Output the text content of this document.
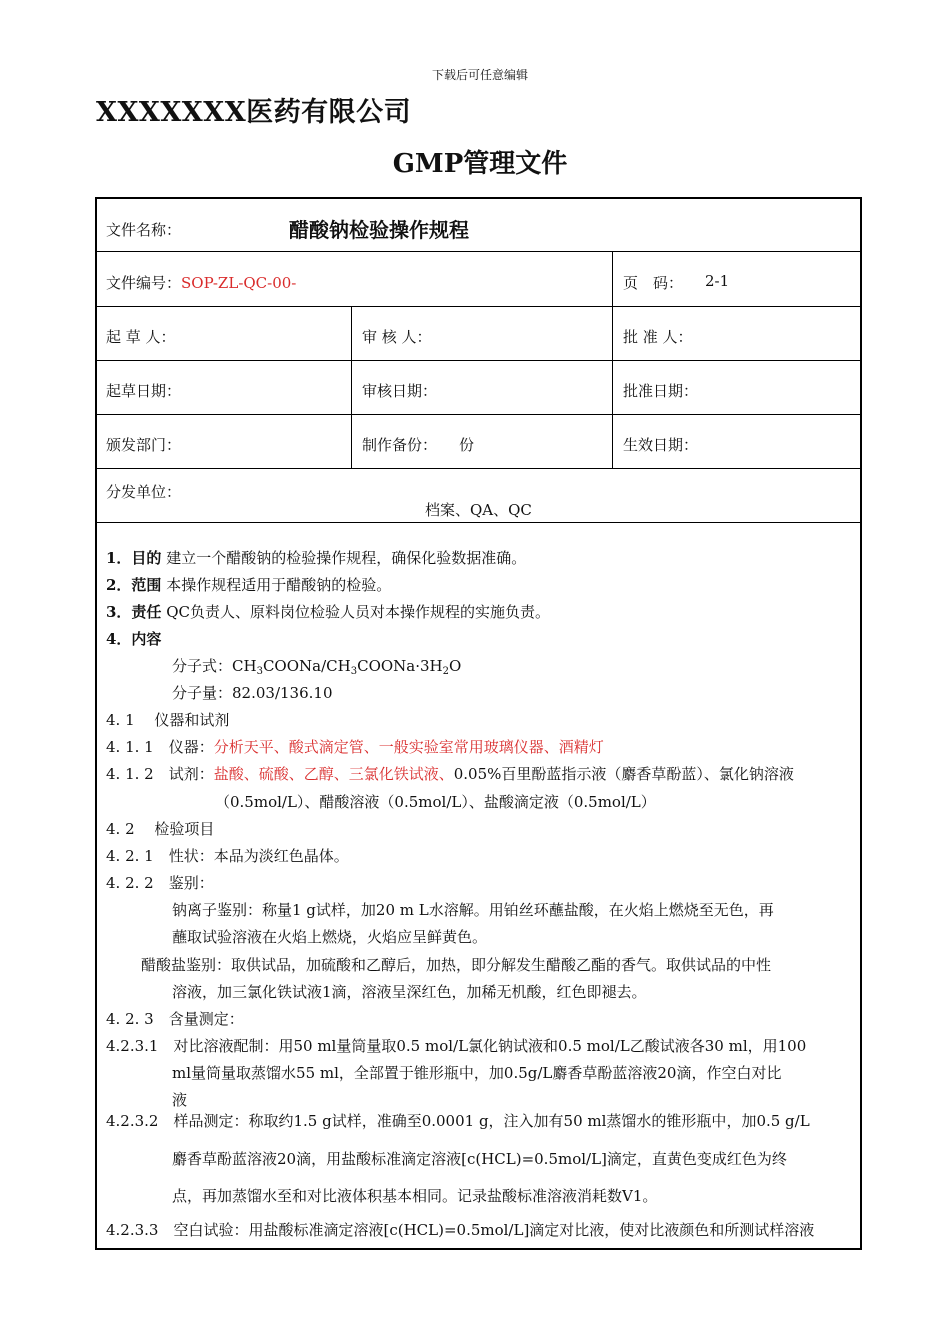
下载后可任意编辑
XXXXXXX医药有限公司
GMP管理文件
文件名称：	醋酸钠检验操作规程
文件编号：SOP-ZL-QC-00-	页　码： 2-1
起 草 人：	审 核 人：	批 准 人：
起草日期：	审核日期：	批准日期：
颁发部门：	制作备份： 份	生效日期：
分发单位：
档案、QA、QC
1．目的 建立一个醋酸钠的检验操作规程，确保化验数据准确。
2．范围 本操作规程适用于醋酸钠的检验。
3．责任 QC负责人、原料岗位检验人员对本操作规程的实施负责。
4．内容
分子式：$CH_3COONa/CH_3COONa\cdot 3H_2O$
分子量：82.03/136.10
4. 1　 仪器和试剂
4. 1. 1　仪器：分析天平、酸式滴定管、一般实验室常用玻璃仪器、酒精灯
4. 1. 2　试剂：盐酸、硫酸、乙醇、三氯化铁试液、0.05%百里酚蓝指示液（麝香草酚蓝）、氯化钠溶液
（0.5mol/L）、醋酸溶液（0.5mol/L）、盐酸滴定液（0.5mol/L）
4. 2　 检验项目
4. 2. 1　性状：本品为淡红色晶体。
4. 2. 2　鉴别：
钠离子鉴别：称量1 g试样，加20 m L水溶解。用铂丝环蘸盐酸，在火焰上燃烧至无色，再
蘸取试验溶液在火焰上燃烧，火焰应呈鲜黄色。
醋酸盐鉴别：取供试品，加硫酸和乙醇后，加热，即分解发生醋酸乙酯的香气。取供试品的中性
溶液，加三氯化铁试液1滴，溶液呈深红色，加稀无机酸，红色即褪去。
4. 2. 3　含量测定：
4.2.3.1　对比溶液配制：用50 ml量筒量取0.5 mol/L氯化钠试液和0.5 mol/L乙酸试液各30 ml，用100
ml量筒量取蒸馏水55 ml，全部置于锥形瓶中，加0.5g/L麝香草酚蓝溶液20滴，作空白对比
液
4.2.3.2　样品测定：称取约1.5 g试样，准确至0.0001 g，注入加有50 ml蒸馏水的锥形瓶中，加0.5 g/L
麝香草酚蓝溶液20滴，用盐酸标准滴定溶液[c(HCL)=0.5mol/L]滴定，直黄色变成红色为终
点，再加蒸馏水至和对比液体积基本相同。记录盐酸标准溶液消耗数V1。
4.2.3.3　空白试验：用盐酸标准滴定溶液[c(HCL)=0.5mol/L]滴定对比液，使对比液颜色和所测试样溶液
